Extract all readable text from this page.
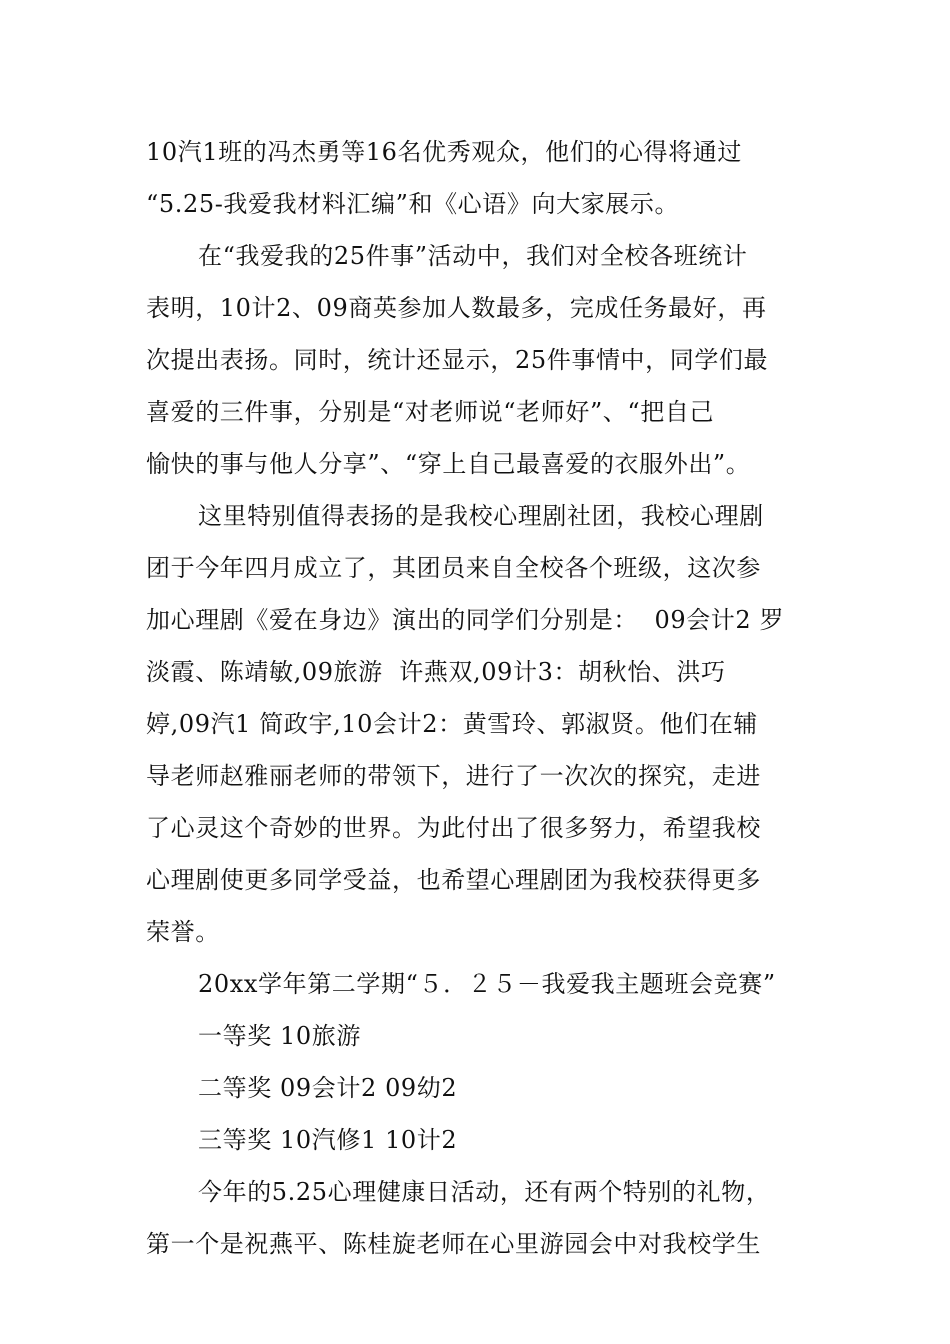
10汽1班的冯杰勇等16名优秀观众，他们的心得将通过
“5.25-我爱我材料汇编”和《心语》向大家展示。
在“我爱我的25件事”活动中，我们对全校各班统计
表明，10计2、09商英参加人数最多，完成任务最好，再
次提出表扬。同时，统计还显示，25件事情中，同学们最
喜爱的三件事，分别是“对老师说“老师好”、“把自己
愉快的事与他人分享”、“穿上自己最喜爱的衣服外出”。
这里特别值得表扬的是我校心理剧社团，我校心理剧
团于今年四月成立了，其团员来自全校各个班级，这次参
加心理剧《爱在身边》演出的同学们分别是：  09会计2 罗
淡霞、陈靖敏,09旅游  许燕双,09计3：胡秋怡、洪巧
婷,09汽1 简政宇,10会计2：黄雪玲、郭淑贤。他们在辅
导老师赵雅丽老师的带领下，进行了一次次的探究，走进
了心灵这个奇妙的世界。为此付出了很多努力，希望我校
心理剧使更多同学受益，也希望心理剧团为我校获得更多
荣誉。
20xx学年第二学期“５．２５－我爱我主题班会竞赛”
一等奖 10旅游
二等奖 09会计2 09幼2
三等奖 10汽修1 10计2
今年的5.25心理健康日活动，还有两个特别的礼物，
第一个是祝燕平、陈桂旋老师在心里游园会中对我校学生
